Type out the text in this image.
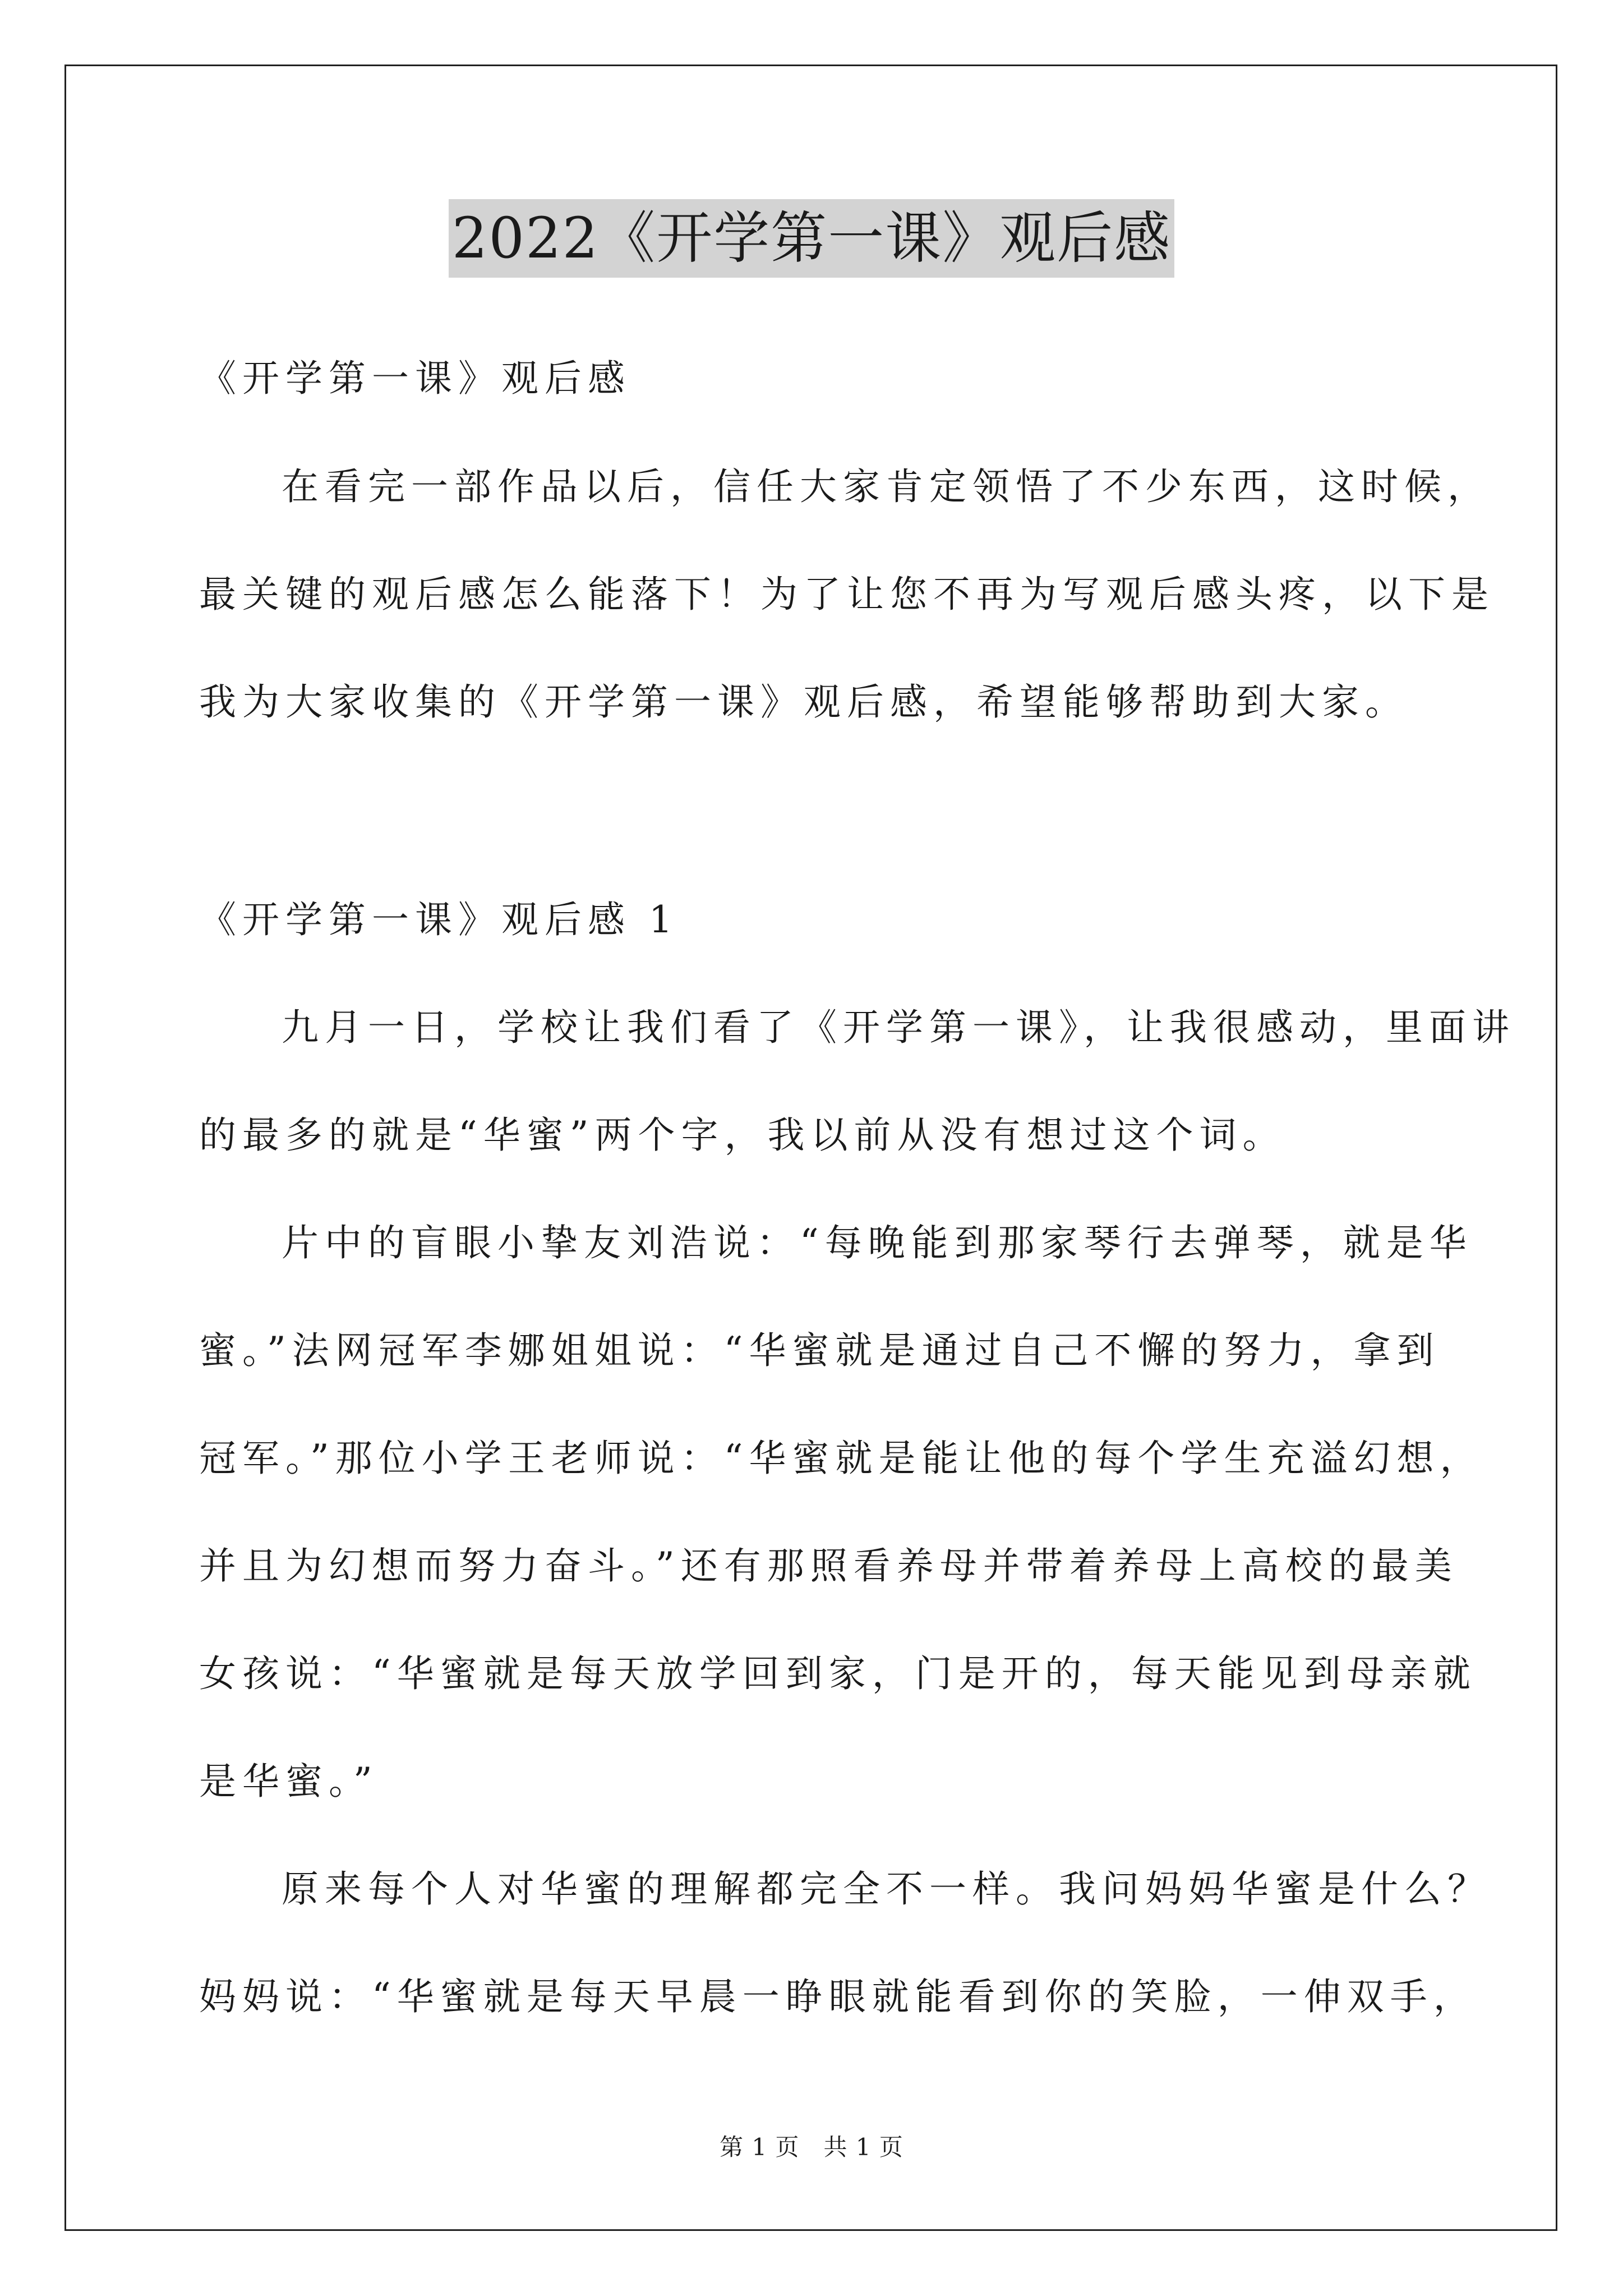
2022《开学第一课》观后感
《开学第一课》观后感
在看完一部作品以后，信任大家肯定领悟了不少东西，这时候，
最关键的观后感怎么能落下！为了让您不再为写观后感头疼，以下是
我为大家收集的《开学第一课》观后感，希望能够帮助到大家。
《开学第一课》观后感 1
九月一日，学校让我们看了《开学第一课》，让我很感动，里面讲
的最多的就是“华蜜”两个字，我以前从没有想过这个词。
片中的盲眼小挚友刘浩说：“每晚能到那家琴行去弹琴，就是华
蜜。”法网冠军李娜姐姐说：“华蜜就是通过自己不懈的努力，拿到
冠军。”那位小学王老师说：“华蜜就是能让他的每个学生充溢幻想，
并且为幻想而努力奋斗。”还有那照看养母并带着养母上高校的最美
女孩说：“华蜜就是每天放学回到家，门是开的，每天能见到母亲就
是华蜜。”
原来每个人对华蜜的理解都完全不一样。我问妈妈华蜜是什么？
妈妈说：“华蜜就是每天早晨一睁眼就能看到你的笑脸，一伸双手，
第 1 页　共 1 页
